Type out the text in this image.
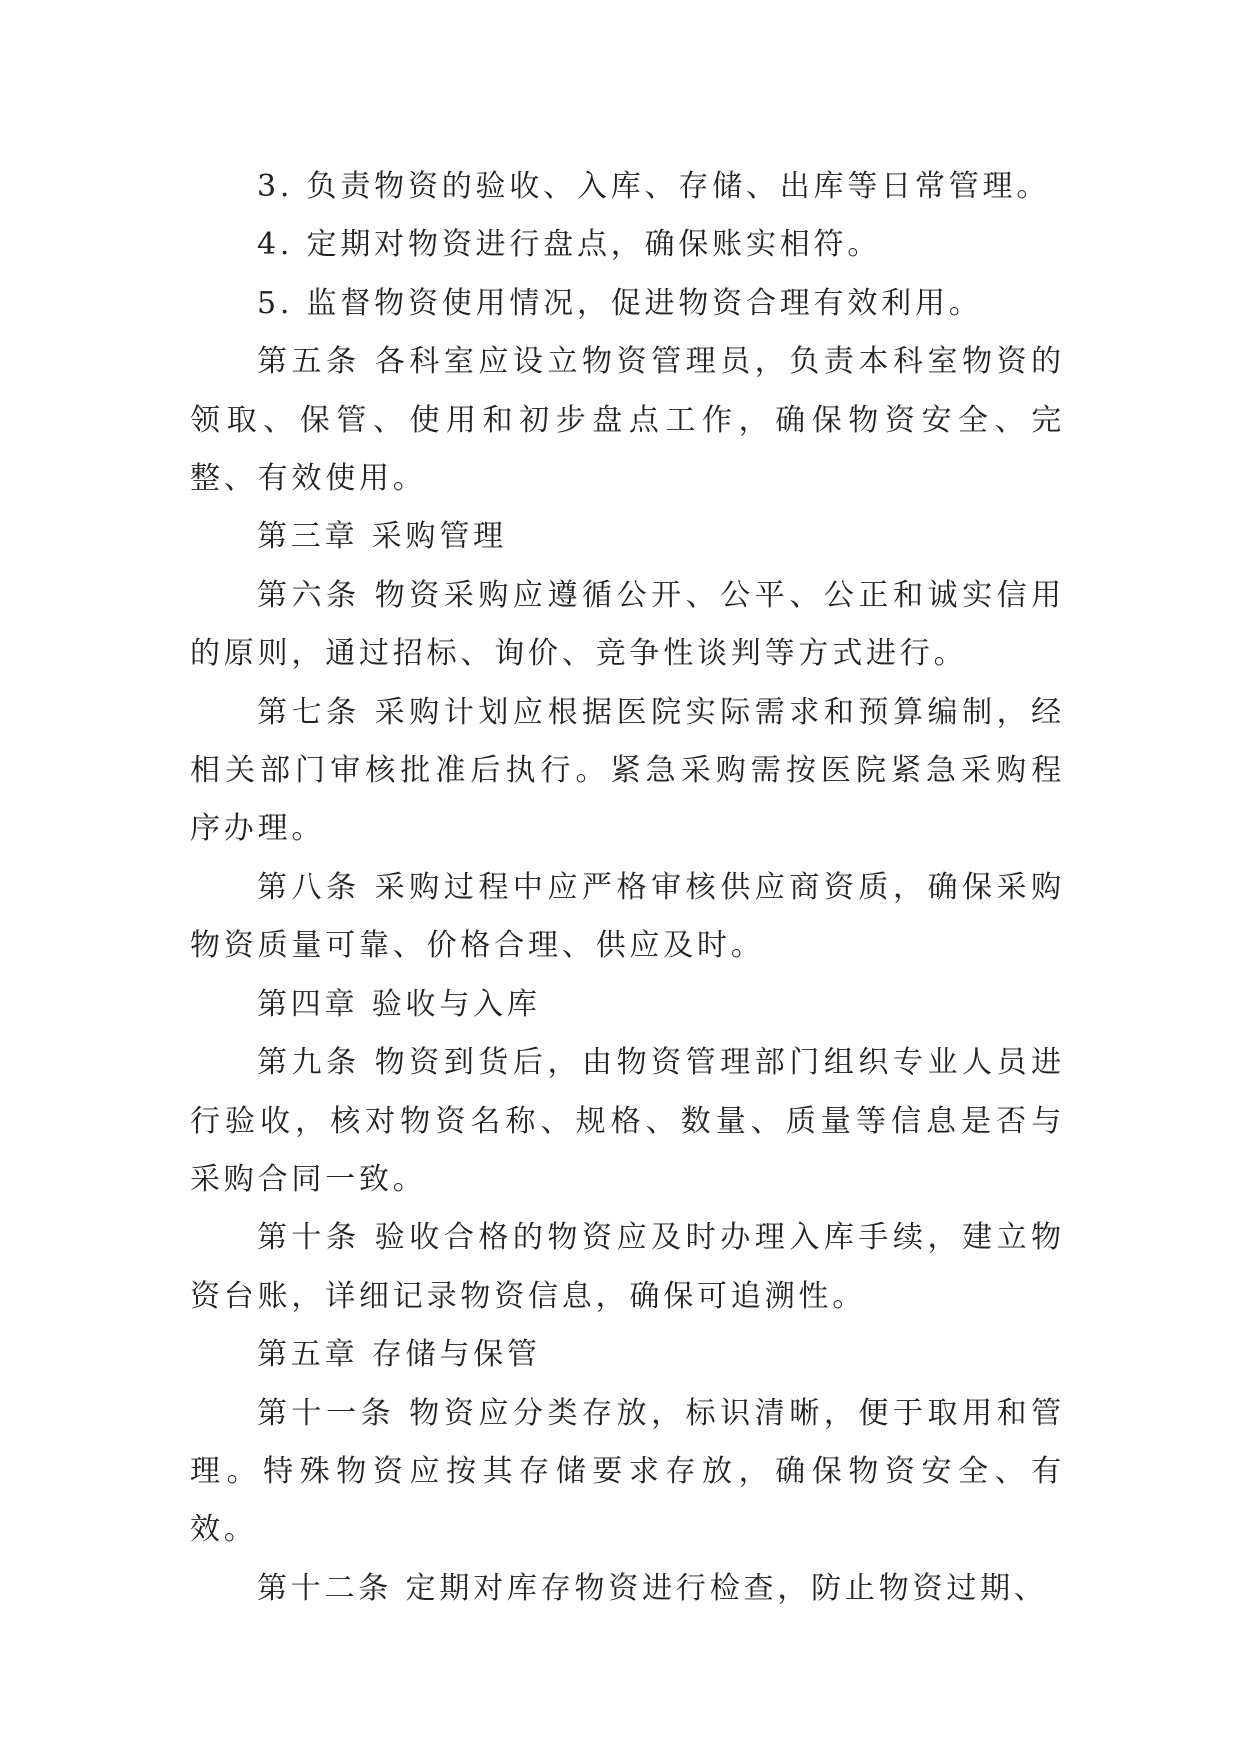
3. 负责物资的验收、入库、存储、出库等日常管理。

4. 定期对物资进行盘点，确保账实相符。

5. 监督物资使用情况，促进物资合理有效利用。

第五条 各科室应设立物资管理员，负责本科室物资的领取、保管、使用和初步盘点工作，确保物资安全、完整、有效使用。

第三章 采购管理

第六条 物资采购应遵循公开、公平、公正和诚实信用的原则，通过招标、询价、竞争性谈判等方式进行。

第七条 采购计划应根据医院实际需求和预算编制，经相关部门审核批准后执行。紧急采购需按医院紧急采购程序办理。

第八条 采购过程中应严格审核供应商资质，确保采购物资质量可靠、价格合理、供应及时。

第四章 验收与入库

第九条 物资到货后，由物资管理部门组织专业人员进行验收，核对物资名称、规格、数量、质量等信息是否与采购合同一致。

第十条 验收合格的物资应及时办理入库手续，建立物资台账，详细记录物资信息，确保可追溯性。

第五章 存储与保管

第十一条 物资应分类存放，标识清晰，便于取用和管理。特殊物资应按其存储要求存放，确保物资安全、有效。

第十二条 定期对库存物资进行检查，防止物资过期、
